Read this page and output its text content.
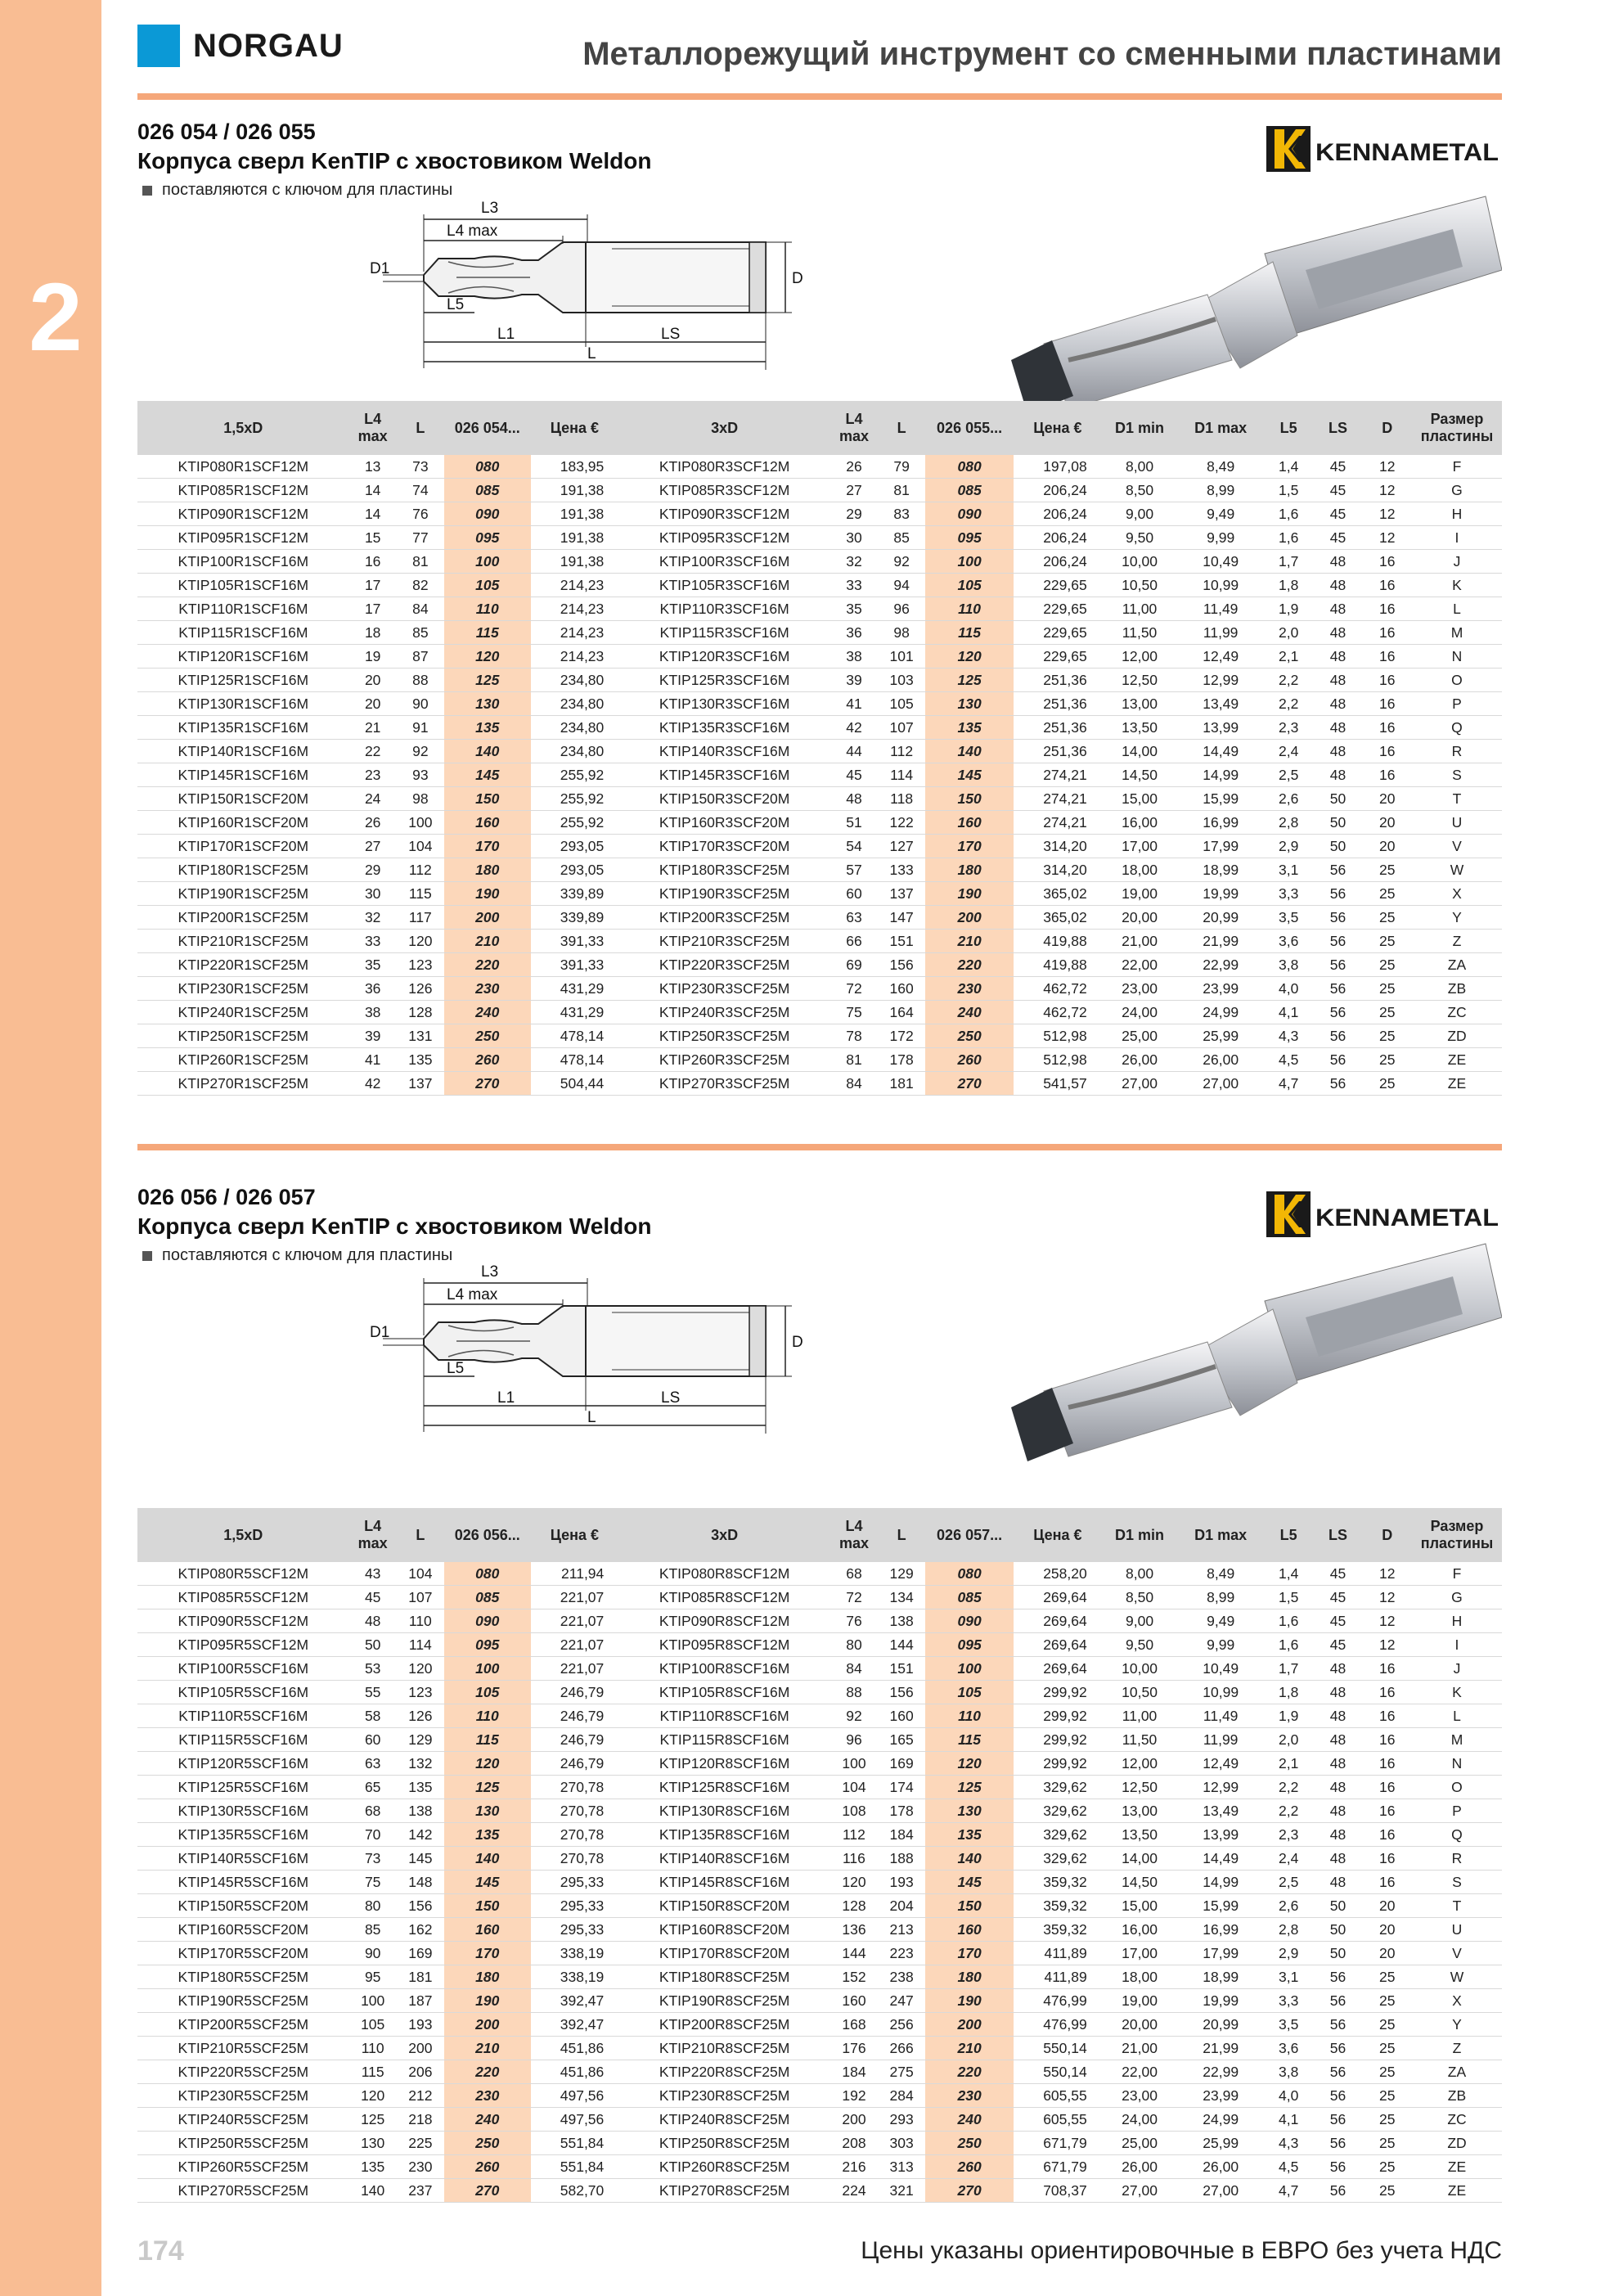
2
NORGAU	Металлорежущий инструмент со сменными пластинами
174	Цены указаны ориентировочные в ЕВРО без учета НДС
026 054 / 026 055
Корпуса сверл KenTIP с хвостовиком Weldon
поставляются с ключом для пластины
KENNAMETAL
L3
L4 max
D1
L5
L1	LS
L
D
1,5xD	L4 max	L	026 054...	Цена €	3xD	L4 max	L	026 055...	Цена €	D1 min	D1 max	L5	LS	D	Размер пластины
KTIP080R1SCF12M	13	73	080	183,95	KTIP080R3SCF12M	26	79	080	197,08	8,00	8,49	1,4	45	12	F
KTIP085R1SCF12M	14	74	085	191,38	KTIP085R3SCF12M	27	81	085	206,24	8,50	8,99	1,5	45	12	G
KTIP090R1SCF12M	14	76	090	191,38	KTIP090R3SCF12M	29	83	090	206,24	9,00	9,49	1,6	45	12	H
KTIP095R1SCF12M	15	77	095	191,38	KTIP095R3SCF12M	30	85	095	206,24	9,50	9,99	1,6	45	12	I
KTIP100R1SCF16M	16	81	100	191,38	KTIP100R3SCF16M	32	92	100	206,24	10,00	10,49	1,7	48	16	J
KTIP105R1SCF16M	17	82	105	214,23	KTIP105R3SCF16M	33	94	105	229,65	10,50	10,99	1,8	48	16	K
KTIP110R1SCF16M	17	84	110	214,23	KTIP110R3SCF16M	35	96	110	229,65	11,00	11,49	1,9	48	16	L
KTIP115R1SCF16M	18	85	115	214,23	KTIP115R3SCF16M	36	98	115	229,65	11,50	11,99	2,0	48	16	M
KTIP120R1SCF16M	19	87	120	214,23	KTIP120R3SCF16M	38	101	120	229,65	12,00	12,49	2,1	48	16	N
KTIP125R1SCF16M	20	88	125	234,80	KTIP125R3SCF16M	39	103	125	251,36	12,50	12,99	2,2	48	16	O
KTIP130R1SCF16M	20	90	130	234,80	KTIP130R3SCF16M	41	105	130	251,36	13,00	13,49	2,2	48	16	P
KTIP135R1SCF16M	21	91	135	234,80	KTIP135R3SCF16M	42	107	135	251,36	13,50	13,99	2,3	48	16	Q
KTIP140R1SCF16M	22	92	140	234,80	KTIP140R3SCF16M	44	112	140	251,36	14,00	14,49	2,4	48	16	R
KTIP145R1SCF16M	23	93	145	255,92	KTIP145R3SCF16M	45	114	145	274,21	14,50	14,99	2,5	48	16	S
KTIP150R1SCF20M	24	98	150	255,92	KTIP150R3SCF20M	48	118	150	274,21	15,00	15,99	2,6	50	20	T
KTIP160R1SCF20M	26	100	160	255,92	KTIP160R3SCF20M	51	122	160	274,21	16,00	16,99	2,8	50	20	U
KTIP170R1SCF20M	27	104	170	293,05	KTIP170R3SCF20M	54	127	170	314,20	17,00	17,99	2,9	50	20	V
KTIP180R1SCF25M	29	112	180	293,05	KTIP180R3SCF25M	57	133	180	314,20	18,00	18,99	3,1	56	25	W
KTIP190R1SCF25M	30	115	190	339,89	KTIP190R3SCF25M	60	137	190	365,02	19,00	19,99	3,3	56	25	X
KTIP200R1SCF25M	32	117	200	339,89	KTIP200R3SCF25M	63	147	200	365,02	20,00	20,99	3,5	56	25	Y
KTIP210R1SCF25M	33	120	210	391,33	KTIP210R3SCF25M	66	151	210	419,88	21,00	21,99	3,6	56	25	Z
KTIP220R1SCF25M	35	123	220	391,33	KTIP220R3SCF25M	69	156	220	419,88	22,00	22,99	3,8	56	25	ZA
KTIP230R1SCF25M	36	126	230	431,29	KTIP230R3SCF25M	72	160	230	462,72	23,00	23,99	4,0	56	25	ZB
KTIP240R1SCF25M	38	128	240	431,29	KTIP240R3SCF25M	75	164	240	462,72	24,00	24,99	4,1	56	25	ZC
KTIP250R1SCF25M	39	131	250	478,14	KTIP250R3SCF25M	78	172	250	512,98	25,00	25,99	4,3	56	25	ZD
KTIP260R1SCF25M	41	135	260	478,14	KTIP260R3SCF25M	81	178	260	512,98	26,00	26,00	4,5	56	25	ZE
KTIP270R1SCF25M	42	137	270	504,44	KTIP270R3SCF25M	84	181	270	541,57	27,00	27,00	4,7	56	25	ZE
026 056 / 026 057
Корпуса сверл KenTIP с хвостовиком Weldon
поставляются с ключом для пластины
KENNAMETAL
L3
L4 max
D1
L5
L1	LS
L
D
1,5xD	L4 max	L	026 056...	Цена €	3xD	L4 max	L	026 057...	Цена €	D1 min	D1 max	L5	LS	D	Размер пластины
KTIP080R5SCF12M	43	104	080	211,94	KTIP080R8SCF12M	68	129	080	258,20	8,00	8,49	1,4	45	12	F
KTIP085R5SCF12M	45	107	085	221,07	KTIP085R8SCF12M	72	134	085	269,64	8,50	8,99	1,5	45	12	G
KTIP090R5SCF12M	48	110	090	221,07	KTIP090R8SCF12M	76	138	090	269,64	9,00	9,49	1,6	45	12	H
KTIP095R5SCF12M	50	114	095	221,07	KTIP095R8SCF12M	80	144	095	269,64	9,50	9,99	1,6	45	12	I
KTIP100R5SCF16M	53	120	100	221,07	KTIP100R8SCF16M	84	151	100	269,64	10,00	10,49	1,7	48	16	J
KTIP105R5SCF16M	55	123	105	246,79	KTIP105R8SCF16M	88	156	105	299,92	10,50	10,99	1,8	48	16	K
KTIP110R5SCF16M	58	126	110	246,79	KTIP110R8SCF16M	92	160	110	299,92	11,00	11,49	1,9	48	16	L
KTIP115R5SCF16M	60	129	115	246,79	KTIP115R8SCF16M	96	165	115	299,92	11,50	11,99	2,0	48	16	M
KTIP120R5SCF16M	63	132	120	246,79	KTIP120R8SCF16M	100	169	120	299,92	12,00	12,49	2,1	48	16	N
KTIP125R5SCF16M	65	135	125	270,78	KTIP125R8SCF16M	104	174	125	329,62	12,50	12,99	2,2	48	16	O
KTIP130R5SCF16M	68	138	130	270,78	KTIP130R8SCF16M	108	178	130	329,62	13,00	13,49	2,2	48	16	P
KTIP135R5SCF16M	70	142	135	270,78	KTIP135R8SCF16M	112	184	135	329,62	13,50	13,99	2,3	48	16	Q
KTIP140R5SCF16M	73	145	140	270,78	KTIP140R8SCF16M	116	188	140	329,62	14,00	14,49	2,4	48	16	R
KTIP145R5SCF16M	75	148	145	295,33	KTIP145R8SCF16M	120	193	145	359,32	14,50	14,99	2,5	48	16	S
KTIP150R5SCF20M	80	156	150	295,33	KTIP150R8SCF20M	128	204	150	359,32	15,00	15,99	2,6	50	20	T
KTIP160R5SCF20M	85	162	160	295,33	KTIP160R8SCF20M	136	213	160	359,32	16,00	16,99	2,8	50	20	U
KTIP170R5SCF20M	90	169	170	338,19	KTIP170R8SCF20M	144	223	170	411,89	17,00	17,99	2,9	50	20	V
KTIP180R5SCF25M	95	181	180	338,19	KTIP180R8SCF25M	152	238	180	411,89	18,00	18,99	3,1	56	25	W
KTIP190R5SCF25M	100	187	190	392,47	KTIP190R8SCF25M	160	247	190	476,99	19,00	19,99	3,3	56	25	X
KTIP200R5SCF25M	105	193	200	392,47	KTIP200R8SCF25M	168	256	200	476,99	20,00	20,99	3,5	56	25	Y
KTIP210R5SCF25M	110	200	210	451,86	KTIP210R8SCF25M	176	266	210	550,14	21,00	21,99	3,6	56	25	Z
KTIP220R5SCF25M	115	206	220	451,86	KTIP220R8SCF25M	184	275	220	550,14	22,00	22,99	3,8	56	25	ZA
KTIP230R5SCF25M	120	212	230	497,56	KTIP230R8SCF25M	192	284	230	605,55	23,00	23,99	4,0	56	25	ZB
KTIP240R5SCF25M	125	218	240	497,56	KTIP240R8SCF25M	200	293	240	605,55	24,00	24,99	4,1	56	25	ZC
KTIP250R5SCF25M	130	225	250	551,84	KTIP250R8SCF25M	208	303	250	671,79	25,00	25,99	4,3	56	25	ZD
KTIP260R5SCF25M	135	230	260	551,84	KTIP260R8SCF25M	216	313	260	671,79	26,00	26,00	4,5	56	25	ZE
KTIP270R5SCF25M	140	237	270	582,70	KTIP270R8SCF25M	224	321	270	708,37	27,00	27,00	4,7	56	25	ZE
